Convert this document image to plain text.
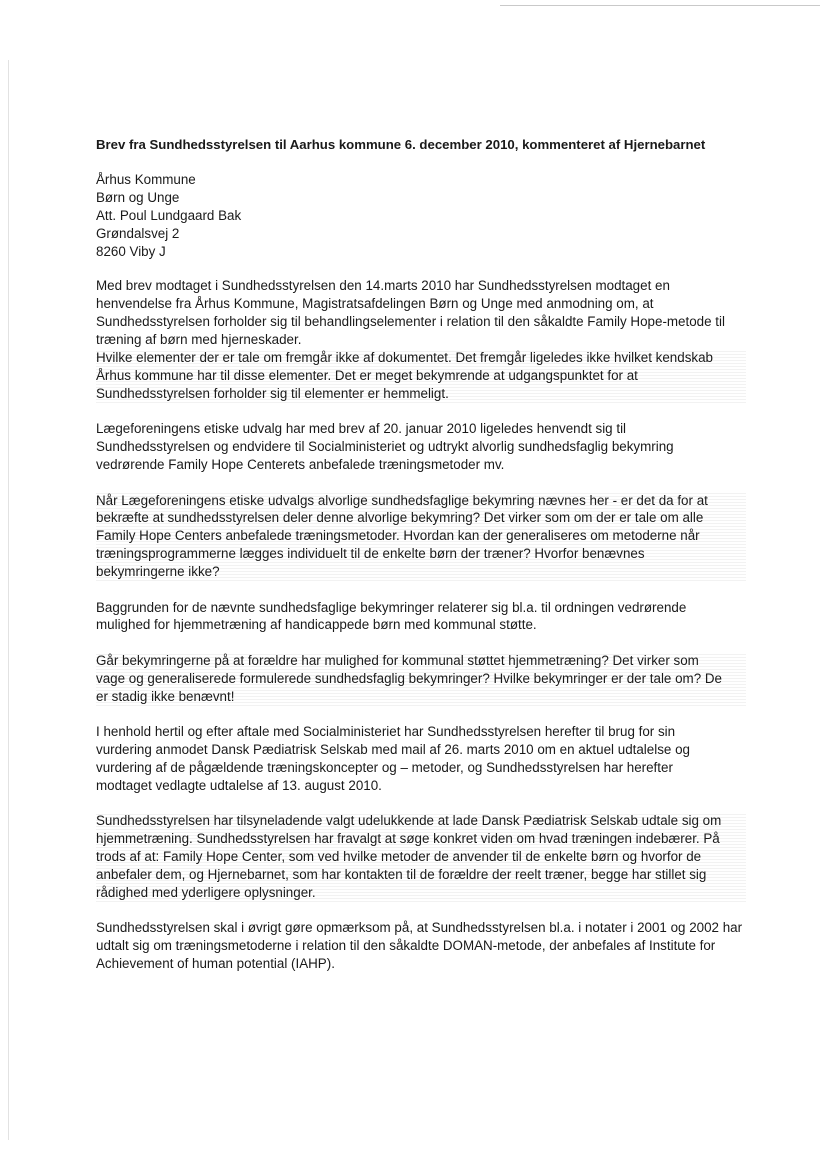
Brev fra Sundhedsstyrelsen til Aarhus kommune 6. december 2010, kommenteret af Hjernebarnet
Århus Kommune
Børn og Unge
Att. Poul Lundgaard Bak
Grøndalsvej 2
8260 Viby J
Med brev modtaget i Sundhedsstyrelsen den 14.marts 2010 har Sundhedsstyrelsen modtaget en
henvendelse fra Århus Kommune, Magistratsafdelingen Børn og Unge med anmodning om, at
Sundhedsstyrelsen forholder sig til behandlingselementer i relation til den såkaldte Family Hope-metode til
træning af børn med hjerneskader.
Hvilke elementer der er tale om fremgår ikke af dokumentet. Det fremgår ligeledes ikke hvilket kendskab
Århus kommune har til disse elementer. Det er meget bekymrende at udgangspunktet for at
Sundhedsstyrelsen forholder sig til elementer er hemmeligt.
Lægeforeningens etiske udvalg har med brev af 20. januar 2010 ligeledes henvendt sig til
Sundhedsstyrelsen og endvidere til Socialministeriet og udtrykt alvorlig sundhedsfaglig bekymring
vedrørende Family Hope Centerets anbefalede træningsmetoder mv.
Når Lægeforeningens etiske udvalgs alvorlige sundhedsfaglige bekymring nævnes her - er det da for at
bekræfte at sundhedsstyrelsen deler denne alvorlige bekymring? Det virker som om der er tale om alle
Family Hope Centers anbefalede træningsmetoder. Hvordan kan der generaliseres om metoderne når
træningsprogrammerne lægges individuelt til de enkelte børn der træner? Hvorfor benævnes
bekymringerne ikke?
Baggrunden for de nævnte sundhedsfaglige bekymringer relaterer sig bl.a. til ordningen vedrørende
mulighed for hjemmetræning af handicappede børn med kommunal støtte.
Går bekymringerne på at forældre har mulighed for kommunal støttet hjemmetræning? Det virker som
vage og generaliserede formulerede sundhedsfaglig bekymringer? Hvilke bekymringer er der tale om? De
er stadig ikke benævnt!
I henhold hertil og efter aftale med Socialministeriet har Sundhedsstyrelsen herefter til brug for sin
vurdering anmodet Dansk Pædiatrisk Selskab med mail af 26. marts 2010 om en aktuel udtalelse og
vurdering af de pågældende træningskoncepter og – metoder, og Sundhedsstyrelsen har herefter
modtaget vedlagte udtalelse af 13. august 2010.
Sundhedsstyrelsen har tilsyneladende valgt udelukkende at lade Dansk Pædiatrisk Selskab udtale sig om
hjemmetræning. Sundhedsstyrelsen har fravalgt at søge konkret viden om hvad træningen indebærer. På
trods af at: Family Hope Center, som ved hvilke metoder de anvender til de enkelte børn og hvorfor de
anbefaler dem, og Hjernebarnet, som har kontakten til de forældre der reelt træner, begge har stillet sig
rådighed med yderligere oplysninger.
Sundhedsstyrelsen skal i øvrigt gøre opmærksom på, at Sundhedsstyrelsen bl.a. i notater i 2001 og 2002 har
udtalt sig om træningsmetoderne i relation til den såkaldte DOMAN-metode, der anbefales af Institute for
Achievement of human potential (IAHP).
